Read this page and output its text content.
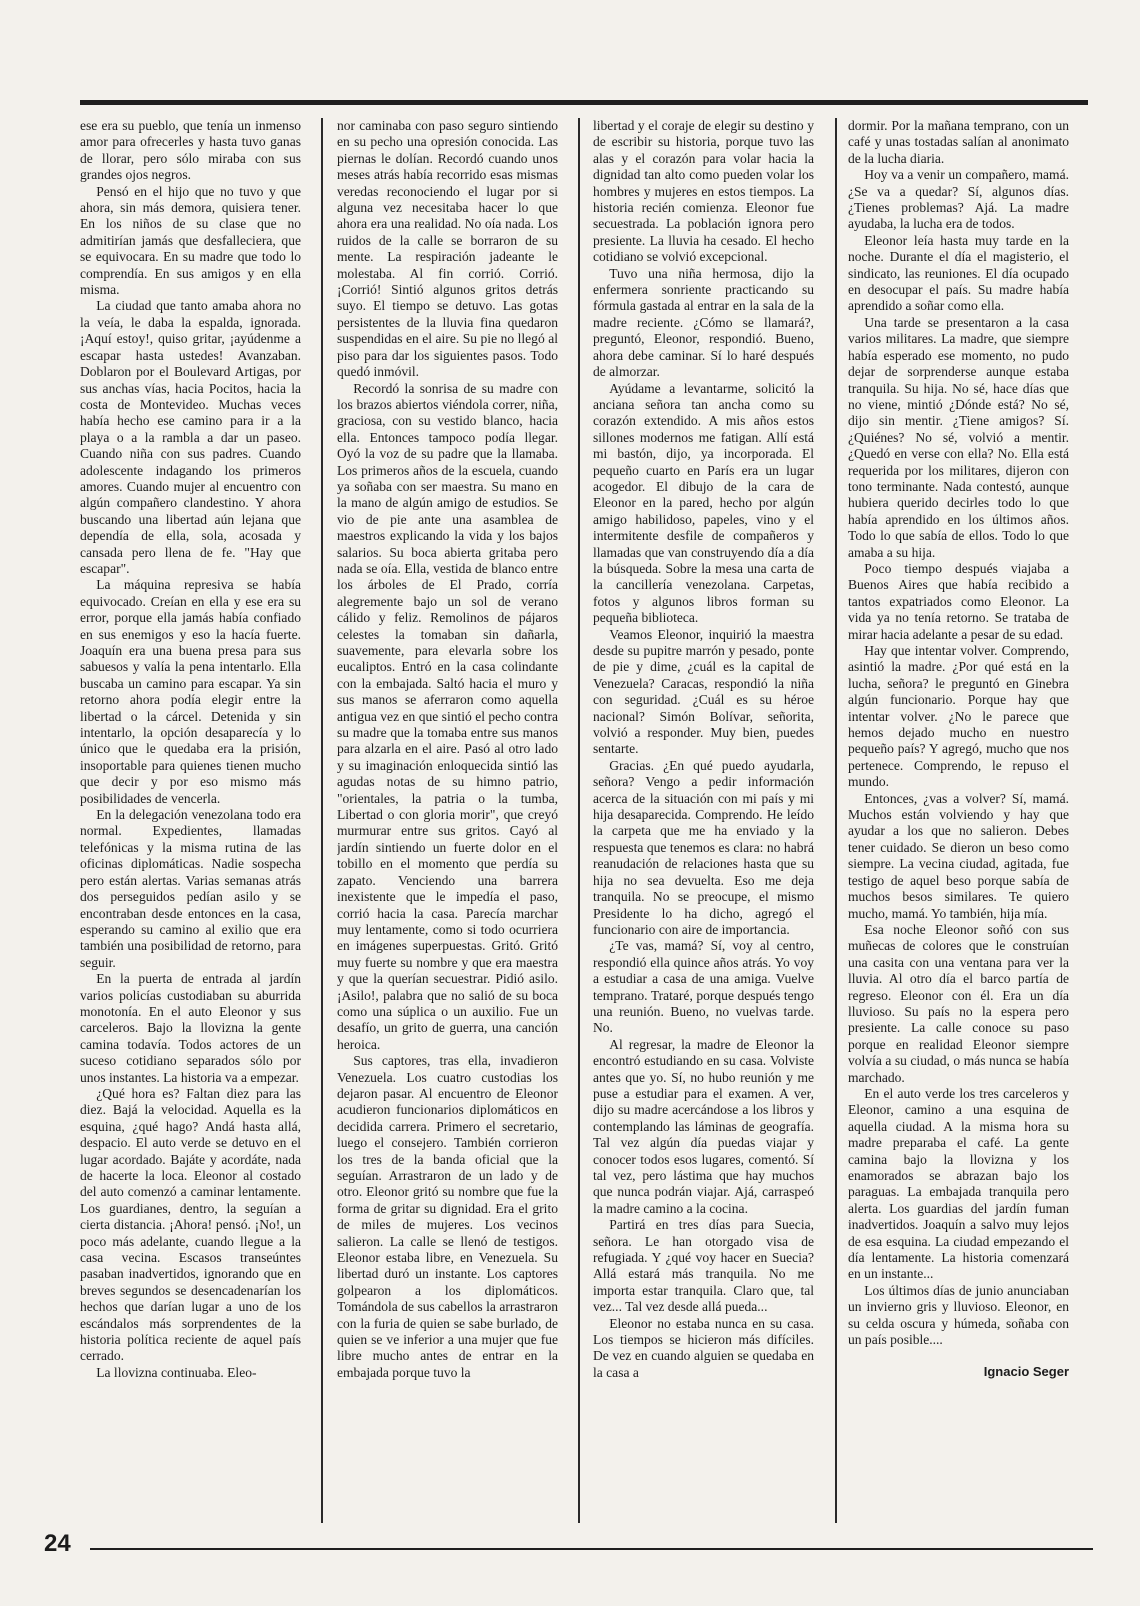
ese era su pueblo, que tenía un inmenso amor para ofrecerles y hasta tuvo ganas de llorar, pero sólo miraba con sus grandes ojos negros.

Pensó en el hijo que no tuvo y que ahora, sin más demora, quisiera tener. En los niños de su clase que no admitirían jamás que desfalleciera, que se equivocara. En su madre que todo lo comprendía. En sus amigos y en ella misma.

La ciudad que tanto amaba ahora no la veía, le daba la espalda, ignorada. ¡Aquí estoy!, quiso gritar, ¡ayúdenme a escapar hasta ustedes! Avanzaban. Doblaron por el Boulevard Artigas, por sus anchas vías, hacia Pocitos, hacia la costa de Montevideo. Muchas veces había hecho ese camino para ir a la playa o a la rambla a dar un paseo. Cuando niña con sus padres. Cuando adolescente indagando los primeros amores. Cuando mujer al encuentro con algún compañero clandestino. Y ahora buscando una libertad aún lejana que dependía de ella, sola, acosada y cansada pero llena de fe. "Hay que escapar".

La máquina represiva se había equivocado. Creían en ella y ese era su error, porque ella jamás había confiado en sus enemigos y eso la hacía fuerte. Joaquín era una buena presa para sus sabuesos y valía la pena intentarlo. Ella buscaba un camino para escapar. Ya sin retorno ahora podía elegir entre la libertad o la cárcel. Detenida y sin intentarlo, la opción desaparecía y lo único que le quedaba era la prisión, insoportable para quienes tienen mucho que decir y por eso mismo más posibilidades de vencerla.

En la delegación venezolana todo era normal. Expedientes, llamadas telefónicas y la misma rutina de las oficinas diplomáticas. Nadie sospecha pero están alertas. Varias semanas atrás dos perseguidos pedían asilo y se encontraban desde entonces en la casa, esperando su camino al exilio que era también una posibilidad de retorno, para seguir.

En la puerta de entrada al jardín varios policías custodiaban su aburrida monotonía. En el auto Eleonor y sus carceleros. Bajo la llovizna la gente camina todavía. Todos actores de un suceso cotidiano separados sólo por unos instantes. La historia va a empezar.

¿Qué hora es? Faltan diez para las diez. Bajá la velocidad. Aquella es la esquina, ¿qué hago? Andá hasta allá, despacio. El auto verde se detuvo en el lugar acordado. Bajáte y acordáte, nada de hacerte la loca. Eleonor al costado del auto comenzó a caminar lentamente. Los guardianes, dentro, la seguían a cierta distancia. ¡Ahora! pensó. ¡No!, un poco más adelante, cuando llegue a la casa vecina. Escasos transeúntes pasaban inadvertidos, ignorando que en breves segundos se desencadenarían los hechos que darían lugar a uno de los escándalos más sorprendentes de la historia política reciente de aquel país cerrado.

La llovizna continuaba. Eleo-

nor caminaba con paso seguro sintiendo en su pecho una opresión conocida. Las piernas le dolían. Recordó cuando unos meses atrás había recorrido esas mismas veredas reconociendo el lugar por si alguna vez necesitaba hacer lo que ahora era una realidad. No oía nada. Los ruidos de la calle se borraron de su mente. La respiración jadeante le molestaba. Al fin corrió. Corrió. ¡Corrió! Sintió algunos gritos detrás suyo. El tiempo se detuvo. Las gotas persistentes de la lluvia fina quedaron suspendidas en el aire. Su pie no llegó al piso para dar los siguientes pasos. Todo quedó inmóvil.

Recordó la sonrisa de su madre con los brazos abiertos viéndola correr, niña, graciosa, con su vestido blanco, hacia ella. Entonces tampoco podía llegar. Oyó la voz de su padre que la llamaba. Los primeros años de la escuela, cuando ya soñaba con ser maestra. Su mano en la mano de algún amigo de estudios. Se vio de pie ante una asamblea de maestros explicando la vida y los bajos salarios. Su boca abierta gritaba pero nada se oía. Ella, vestida de blanco entre los árboles de El Prado, corría alegremente bajo un sol de verano cálido y feliz. Remolinos de pájaros celestes la tomaban sin dañarla, suavemente, para elevarla sobre los eucaliptos. Entró en la casa colindante con la embajada. Saltó hacia el muro y sus manos se aferraron como aquella antigua vez en que sintió el pecho contra su madre que la tomaba entre sus manos para alzarla en el aire. Pasó al otro lado y su imaginación enloquecida sintió las agudas notas de su himno patrio, "orientales, la patria o la tumba, Libertad o con gloria morir", que creyó murmurar entre sus gritos. Cayó al jardín sintiendo un fuerte dolor en el tobillo en el momento que perdía su zapato. Venciendo una barrera inexistente que le impedía el paso, corrió hacia la casa. Parecía marchar muy lentamente, como si todo ocurriera en imágenes superpuestas. Gritó. Gritó muy fuerte su nombre y que era maestra y que la querían secuestrar. Pidió asilo. ¡Asilo!, palabra que no salió de su boca como una súplica o un auxilio. Fue un desafío, un grito de guerra, una canción heroica.

Sus captores, tras ella, invadieron Venezuela. Los cuatro custodias los dejaron pasar. Al encuentro de Eleonor acudieron funcionarios diplomáticos en decidida carrera. Primero el secretario, luego el consejero. También corrieron los tres de la banda oficial que la seguían. Arrastraron de un lado y de otro. Eleonor gritó su nombre que fue la forma de gritar su dignidad. Era el grito de miles de mujeres. Los vecinos salieron. La calle se llenó de testigos. Eleonor estaba libre, en Venezuela. Su libertad duró un instante. Los captores golpearon a los diplomáticos. Tomándola de sus cabellos la arrastraron con la furia de quien se sabe burlado, de quien se ve inferior a una mujer que fue libre mucho antes de entrar en la embajada porque tuvo la

libertad y el coraje de elegir su destino y de escribir su historia, porque tuvo las alas y el corazón para volar hacia la dignidad tan alto como pueden volar los hombres y mujeres en estos tiempos. La historia recién comienza. Eleonor fue secuestrada. La población ignora pero presiente. La lluvia ha cesado. El hecho cotidiano se volvió excepcional.

Tuvo una niña hermosa, dijo la enfermera sonriente practicando su fórmula gastada al entrar en la sala de la madre reciente. ¿Cómo se llamará?, preguntó, Eleonor, respondió. Bueno, ahora debe caminar. Sí lo haré después de almorzar.

Ayúdame a levantarme, solicitó la anciana señora tan ancha como su corazón extendido. A mis años estos sillones modernos me fatigan. Allí está mi bastón, dijo, ya incorporada. El pequeño cuarto en París era un lugar acogedor. El dibujo de la cara de Eleonor en la pared, hecho por algún amigo habilidoso, papeles, vino y el intermitente desfile de compañeros y llamadas que van construyendo día a día la búsqueda. Sobre la mesa una carta de la cancillería venezolana. Carpetas, fotos y algunos libros forman su pequeña biblioteca.

Veamos Eleonor, inquirió la maestra desde su pupitre marrón y pesado, ponte de pie y dime, ¿cuál es la capital de Venezuela? Caracas, respondió la niña con seguridad. ¿Cuál es su héroe nacional? Simón Bolívar, señorita, volvió a responder. Muy bien, puedes sentarte.

Gracias. ¿En qué puedo ayudarla, señora? Vengo a pedir información acerca de la situación con mi país y mi hija desaparecida. Comprendo. He leído la carpeta que me ha enviado y la respuesta que tenemos es clara: no habrá reanudación de relaciones hasta que su hija no sea devuelta. Eso me deja tranquila. No se preocupe, el mismo Presidente lo ha dicho, agregó el funcionario con aire de importancia.

¿Te vas, mamá? Sí, voy al centro, respondió ella quince años atrás. Yo voy a estudiar a casa de una amiga. Vuelve temprano. Trataré, porque después tengo una reunión. Bueno, no vuelvas tarde. No.

Al regresar, la madre de Eleonor la encontró estudiando en su casa. Volviste antes que yo. Sí, no hubo reunión y me puse a estudiar para el examen. A ver, dijo su madre acercándose a los libros y contemplando las láminas de geografía. Tal vez algún día puedas viajar y conocer todos esos lugares, comentó. Sí tal vez, pero lástima que hay muchos que nunca podrán viajar. Ajá, carraspeó la madre camino a la cocina.

Partirá en tres días para Suecia, señora. Le han otorgado visa de refugiada. Y ¿qué voy hacer en Suecia? Allá estará más tranquila. No me importa estar tranquila. Claro que, tal vez... Tal vez desde allá pueda...

Eleonor no estaba nunca en su casa. Los tiempos se hicieron más difíciles. De vez en cuando alguien se quedaba en la casa a

dormir. Por la mañana temprano, con un café y unas tostadas salían al anonimato de la lucha diaria.

Hoy va a venir un compañero, mamá. ¿Se va a quedar? Sí, algunos días. ¿Tienes problemas? Ajá. La madre ayudaba, la lucha era de todos.

Eleonor leía hasta muy tarde en la noche. Durante el día el magisterio, el sindicato, las reuniones. El día ocupado en desocupar el país. Su madre había aprendido a soñar como ella.

Una tarde se presentaron a la casa varios militares. La madre, que siempre había esperado ese momento, no pudo dejar de sorprenderse aunque estaba tranquila. Su hija. No sé, hace días que no viene, mintió ¿Dónde está? No sé, dijo sin mentir. ¿Tiene amigos? Sí. ¿Quiénes? No sé, volvió a mentir. ¿Quedó en verse con ella? No. Ella está requerida por los militares, dijeron con tono terminante. Nada contestó, aunque hubiera querido decirles todo lo que había aprendido en los últimos años. Todo lo que sabía de ellos. Todo lo que amaba a su hija.

Poco tiempo después viajaba a Buenos Aires que había recibido a tantos expatriados como Eleonor. La vida ya no tenía retorno. Se trataba de mirar hacia adelante a pesar de su edad.

Hay que intentar volver. Comprendo, asintió la madre. ¿Por qué está en la lucha, señora? le preguntó en Ginebra algún funcionario. Porque hay que intentar volver. ¿No le parece que hemos dejado mucho en nuestro pequeño país? Y agregó, mucho que nos pertenece. Comprendo, le repuso el mundo.

Entonces, ¿vas a volver? Sí, mamá. Muchos están volviendo y hay que ayudar a los que no salieron. Debes tener cuidado. Se dieron un beso como siempre. La vecina ciudad, agitada, fue testigo de aquel beso porque sabía de muchos besos similares. Te quiero mucho, mamá. Yo también, hija mía.

Esa noche Eleonor soñó con sus muñecas de colores que le construían una casita con una ventana para ver la lluvia. Al otro día el barco partía de regreso. Eleonor con él. Era un día lluvioso. Su país no la espera pero presiente. La calle conoce su paso porque en realidad Eleonor siempre volvía a su ciudad, o más nunca se había marchado.

En el auto verde los tres carceleros y Eleonor, camino a una esquina de aquella ciudad. A la misma hora su madre preparaba el café. La gente camina bajo la llovizna y los enamorados se abrazan bajo los paraguas. La embajada tranquila pero alerta. Los guardias del jardín fuman inadvertidos. Joaquín a salvo muy lejos de esa esquina. La ciudad empezando el día lentamente. La historia comenzará en un instante...

Los últimos días de junio anunciaban un invierno gris y lluvioso. Eleonor, en su celda oscura y húmeda, soñaba con un país posible....

Ignacio Seger

24
